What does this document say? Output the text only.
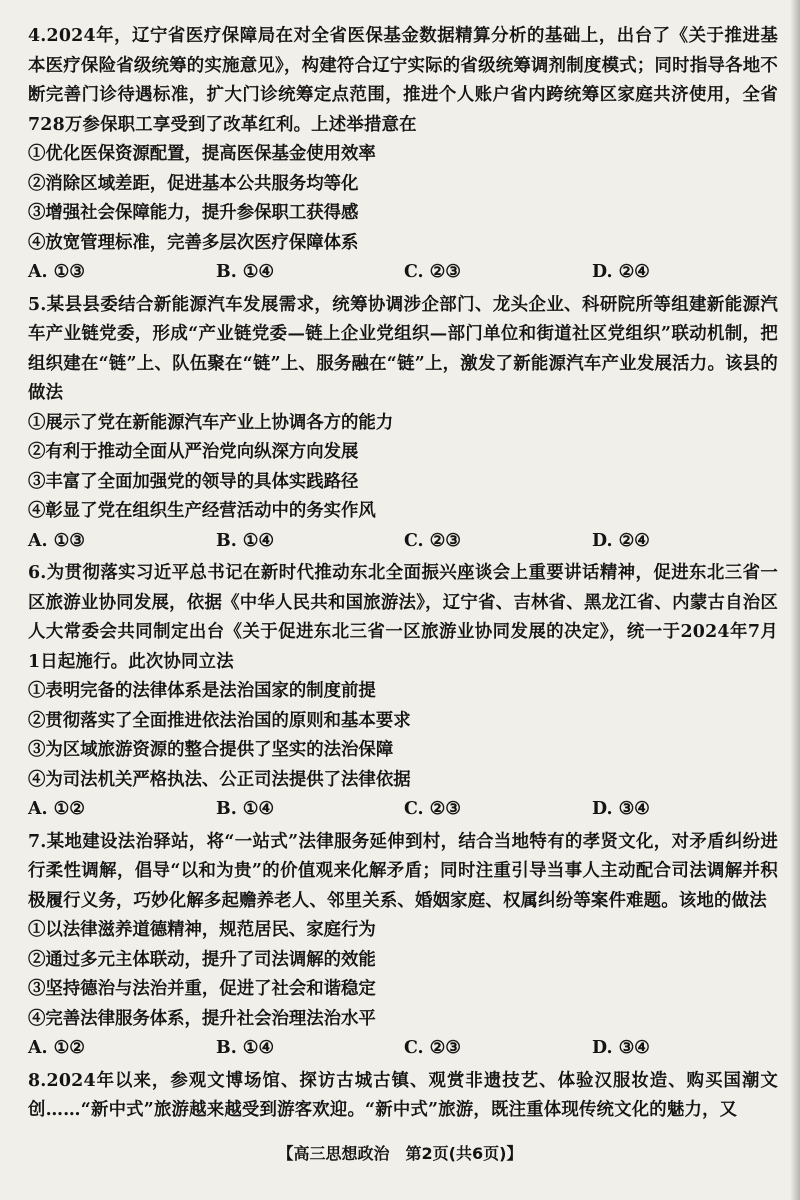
4.2024年，辽宁省医疗保障局在对全省医保基金数据精算分析的基础上，出台了《关于推进基本医疗保险省级统筹的实施意见》，构建符合辽宁实际的省级统筹调剂制度模式；同时指导各地不断完善门诊待遇标准，扩大门诊统筹定点范围，推进个人账户省内跨统筹区家庭共济使用，全省728万参保职工享受到了改革红利。上述举措意在

①优化医保资源配置，提高医保基金使用效率

②消除区域差距，促进基本公共服务均等化

③增强社会保障能力，提升参保职工获得感

④放宽管理标准，完善多层次医疗保障体系

A. ①③	B. ①④	C. ②③	D. ②④

5.某县县委结合新能源汽车发展需求，统筹协调涉企部门、龙头企业、科研院所等组建新能源汽车产业链党委，形成“产业链党委—链上企业党组织—部门单位和街道社区党组织”联动机制，把组织建在“链”上、队伍聚在“链”上、服务融在“链”上，激发了新能源汽车产业发展活力。该县的做法

①展示了党在新能源汽车产业上协调各方的能力

②有利于推动全面从严治党向纵深方向发展

③丰富了全面加强党的领导的具体实践路径

④彰显了党在组织生产经营活动中的务实作风

A. ①③	B. ①④	C. ②③	D. ②④

6.为贯彻落实习近平总书记在新时代推动东北全面振兴座谈会上重要讲话精神，促进东北三省一区旅游业协同发展，依据《中华人民共和国旅游法》，辽宁省、吉林省、黑龙江省、内蒙古自治区人大常委会共同制定出台《关于促进东北三省一区旅游业协同发展的决定》，统一于2024年7月1日起施行。此次协同立法

①表明完备的法律体系是法治国家的制度前提

②贯彻落实了全面推进依法治国的原则和基本要求

③为区域旅游资源的整合提供了坚实的法治保障

④为司法机关严格执法、公正司法提供了法律依据

A. ①②	B. ①④	C. ②③	D. ③④

7.某地建设法治驿站，将“一站式”法律服务延伸到村，结合当地特有的孝贤文化，对矛盾纠纷进行柔性调解，倡导“以和为贵”的价值观来化解矛盾；同时注重引导当事人主动配合司法调解并积极履行义务，巧妙化解多起赡养老人、邻里关系、婚姻家庭、权属纠纷等案件难题。该地的做法

①以法律滋养道德精神，规范居民、家庭行为

②通过多元主体联动，提升了司法调解的效能

③坚持德治与法治并重，促进了社会和谐稳定

④完善法律服务体系，提升社会治理法治水平

A. ①②	B. ①④	C. ②③	D. ③④

8.2024年以来，参观文博场馆、探访古城古镇、观赏非遗技艺、体验汉服妆造、购买国潮文创……“新中式”旅游越来越受到游客欢迎。“新中式”旅游，既注重体现传统文化的魅力，又

【高三思想政治　第2页(共6页)】
